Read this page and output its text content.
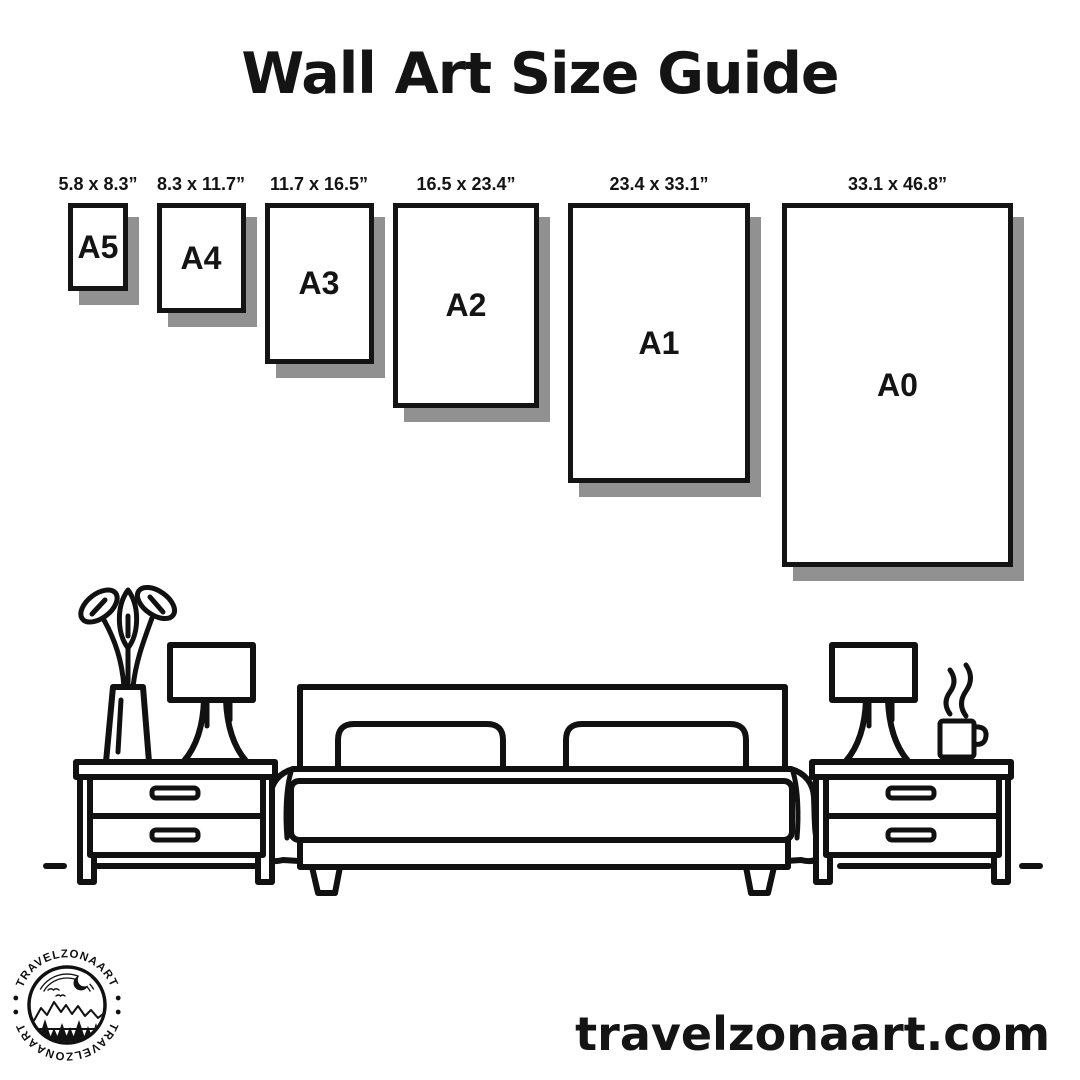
Wall Art Size Guide
5.8 x 8.3”
A5
8.3 x 11.7”
A4
11.7 x 16.5”
A3
16.5 x 23.4”
A2
23.4 x 33.1”
A1
33.1 x 46.8”
A0
TRAVELZONAART
TRAVELZONAART	travelzonaart.com
